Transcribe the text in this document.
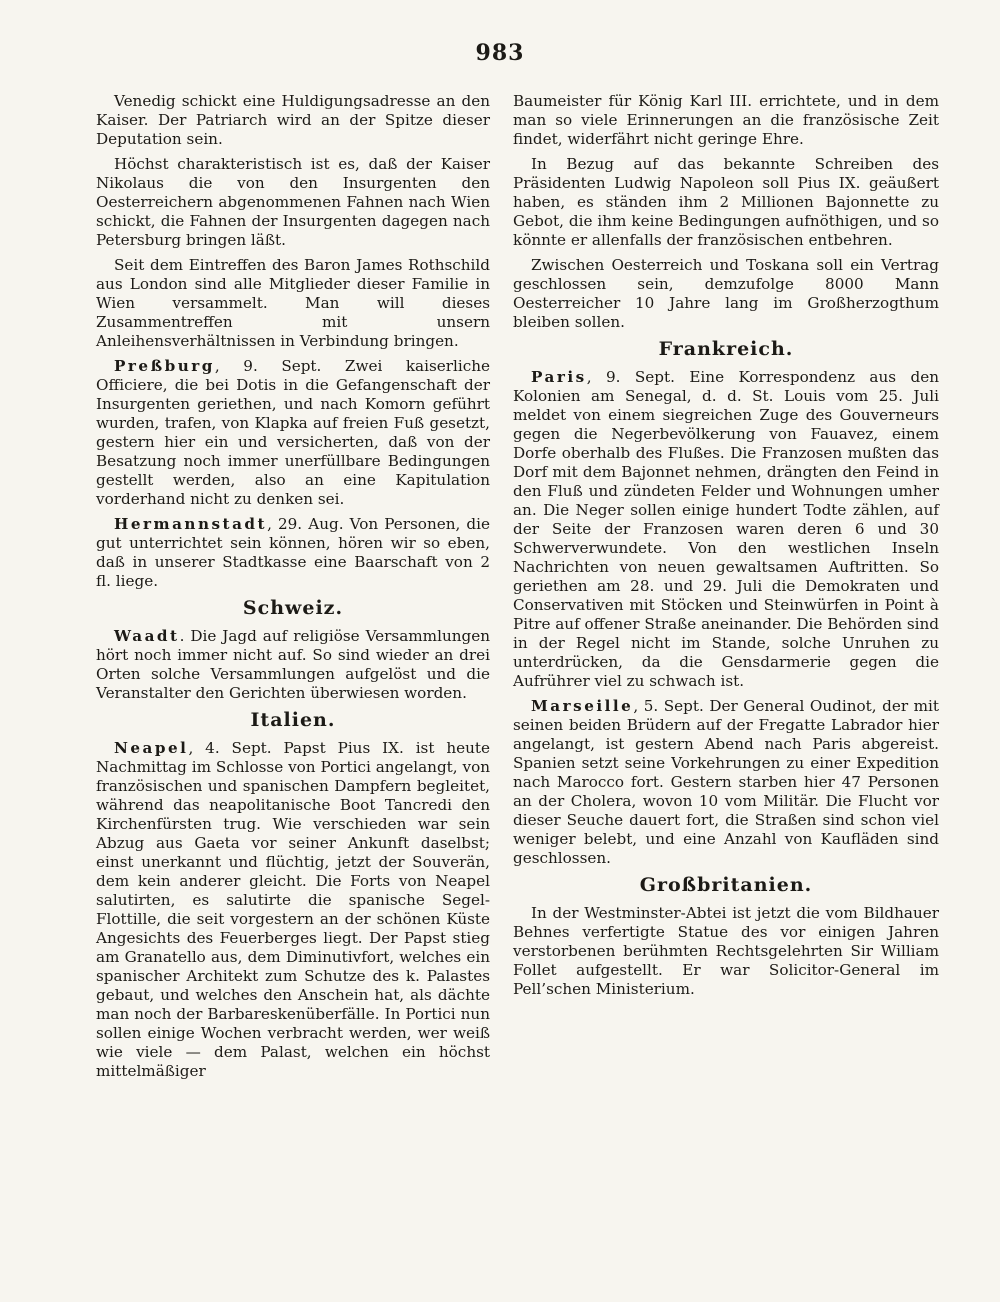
983

Venedig schickt eine Huldigungsadresse an den Kaiser. Der Patriarch wird an der Spitze dieser Deputation sein.

Höchst charakteristisch ist es, daß der Kaiser Nikolaus die von den Insurgenten den Oesterreichern abgenommenen Fahnen nach Wien schickt, die Fahnen der Insurgenten dagegen nach Petersburg bringen läßt.

Seit dem Eintreffen des Baron James Rothschild aus London sind alle Mitglieder dieser Familie in Wien versammelt. Man will dieses Zusammentreffen mit unsern Anleihensverhältnissen in Verbindung bringen.

Preßburg, 9. Sept. Zwei kaiserliche Officiere, die bei Dotis in die Gefangenschaft der Insurgenten geriethen, und nach Komorn geführt wurden, trafen, von Klapka auf freien Fuß gesetzt, gestern hier ein und versicherten, daß von der Besatzung noch immer unerfüllbare Bedingungen gestellt werden, also an eine Kapitulation vorderhand nicht zu denken sei.

Hermannstadt, 29. Aug. Von Personen, die gut unterrichtet sein können, hören wir so eben, daß in unserer Stadtkasse eine Baarschaft von 2 fl. liege.

Schweiz.

Waadt. Die Jagd auf religiöse Versammlungen hört noch immer nicht auf. So sind wieder an drei Orten solche Versammlungen aufgelöst und die Veranstalter den Gerichten überwiesen worden.

Italien.

Neapel, 4. Sept. Papst Pius IX. ist heute Nachmittag im Schlosse von Portici angelangt, von französischen und spanischen Dampfern begleitet, während das neapolitanische Boot Tancredi den Kirchenfürsten trug. Wie verschieden war sein Abzug aus Gaeta vor seiner Ankunft daselbst; einst unerkannt und flüchtig, jetzt der Souverän, dem kein anderer gleicht. Die Forts von Neapel salutirten, es salutirte die spanische Segel-Flottille, die seit vorgestern an der schönen Küste Angesichts des Feuerberges liegt. Der Papst stieg am Granatello aus, dem Diminutivfort, welches ein spanischer Architekt zum Schutze des k. Palastes gebaut, und welches den Anschein hat, als dächte man noch der Barbareskenüberfälle. In Portici nun sollen einige Wochen verbracht werden, wer weiß wie viele — dem Palast, welchen ein höchst mittelmäßiger

Baumeister für König Karl III. errichtete, und in dem man so viele Erinnerungen an die französische Zeit findet, widerfährt nicht geringe Ehre.

In Bezug auf das bekannte Schreiben des Präsidenten Ludwig Napoleon soll Pius IX. geäußert haben, es ständen ihm 2 Millionen Bajonnette zu Gebot, die ihm keine Bedingungen aufnöthigen, und so könnte er allenfalls der französischen entbehren.

Zwischen Oesterreich und Toskana soll ein Vertrag geschlossen sein, demzufolge 8000 Mann Oesterreicher 10 Jahre lang im Großherzogthum bleiben sollen.

Frankreich.

Paris, 9. Sept. Eine Korrespondenz aus den Kolonien am Senegal, d. d. St. Louis vom 25. Juli meldet von einem siegreichen Zuge des Gouverneurs gegen die Negerbevölkerung von Fauavez, einem Dorfe oberhalb des Flußes. Die Franzosen mußten das Dorf mit dem Bajonnet nehmen, drängten den Feind in den Fluß und zündeten Felder und Wohnungen umher an. Die Neger sollen einige hundert Todte zählen, auf der Seite der Franzosen waren deren 6 und 30 Schwerverwundete. Von den westlichen Inseln Nachrichten von neuen gewaltsamen Auftritten. So geriethen am 28. und 29. Juli die Demokraten und Conservativen mit Stöcken und Steinwürfen in Point à Pitre auf offener Straße aneinander. Die Behörden sind in der Regel nicht im Stande, solche Unruhen zu unterdrücken, da die Gensdarmerie gegen die Aufrührer viel zu schwach ist.

Marseille, 5. Sept. Der General Oudinot, der mit seinen beiden Brüdern auf der Fregatte Labrador hier angelangt, ist gestern Abend nach Paris abgereist. Spanien setzt seine Vorkehrungen zu einer Expedition nach Marocco fort. Gestern starben hier 47 Personen an der Cholera, wovon 10 vom Militär. Die Flucht vor dieser Seuche dauert fort, die Straßen sind schon viel weniger belebt, und eine Anzahl von Kaufläden sind geschlossen.

Großbritanien.

In der Westminster-Abtei ist jetzt die vom Bildhauer Behnes verfertigte Statue des vor einigen Jahren verstorbenen berühmten Rechtsgelehrten Sir William Follet aufgestellt. Er war Solicitor-General im Pell’schen Ministerium.
